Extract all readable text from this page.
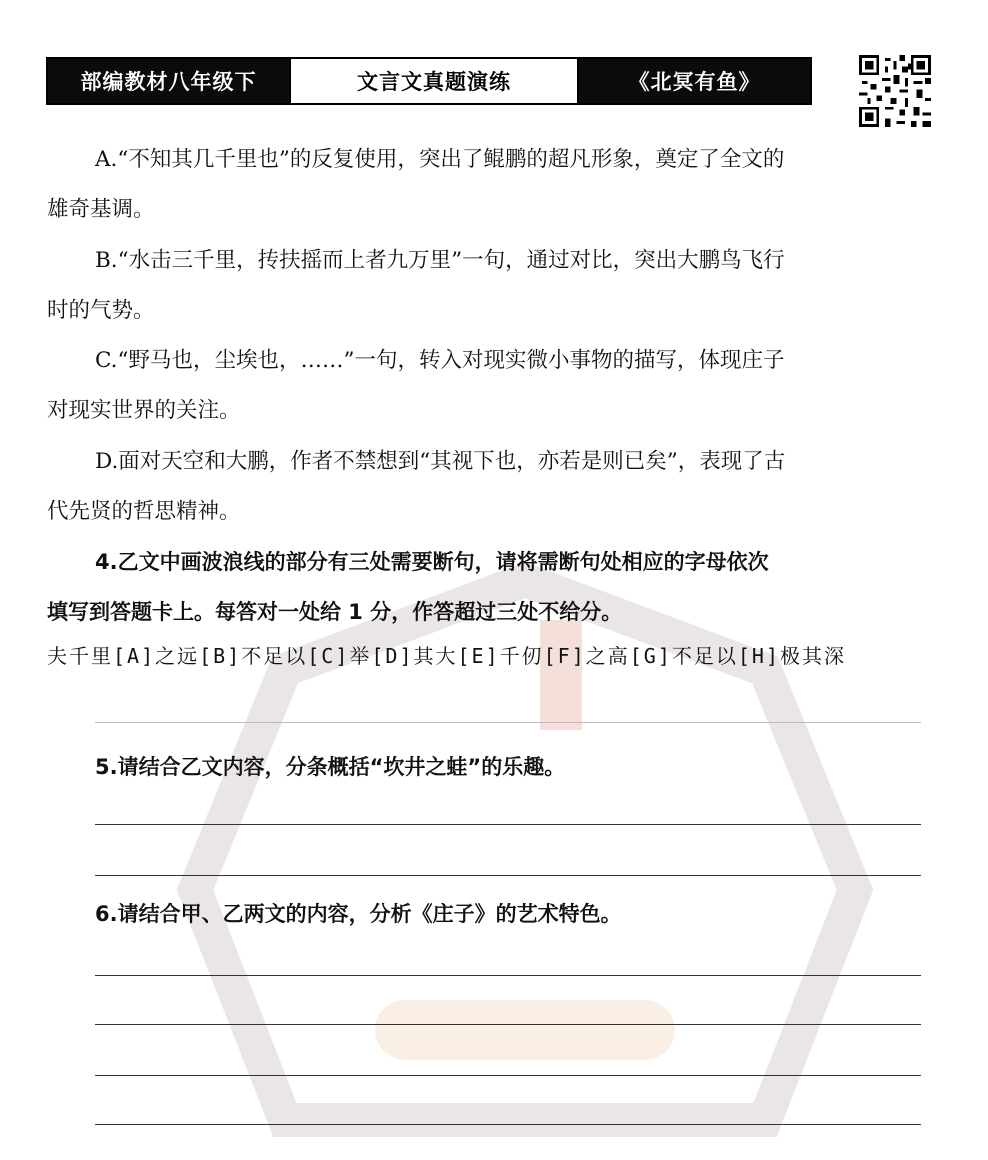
部编教材八年级下	文言文真题演练	《北冥有鱼》

A.“不知其几千里也”的反复使用，突出了鲲鹏的超凡形象，奠定了全文的
雄奇基调。

B.“水击三千里，抟扶摇而上者九万里”一句，通过对比，突出大鹏鸟飞行
时的气势。

C.“野马也，尘埃也，……”一句，转入对现实微小事物的描写，体现庄子
对现实世界的关注。

D.面对天空和大鹏，作者不禁想到“其视下也，亦若是则已矣”，表现了古
代先贤的哲思精神。

4.乙文中画波浪线的部分有三处需要断句，请将需断句处相应的字母依次
填写到答题卡上。每答对一处给 1 分，作答超过三处不给分。

夫千里[A]之远[B]不足以[C]举[D]其大[E]千仞[F]之高[G]不足以[H]极其深

5.请结合乙文内容，分条概括“坎井之蛙”的乐趣。

6.请结合甲、乙两文的内容，分析《庄子》的艺术特色。
